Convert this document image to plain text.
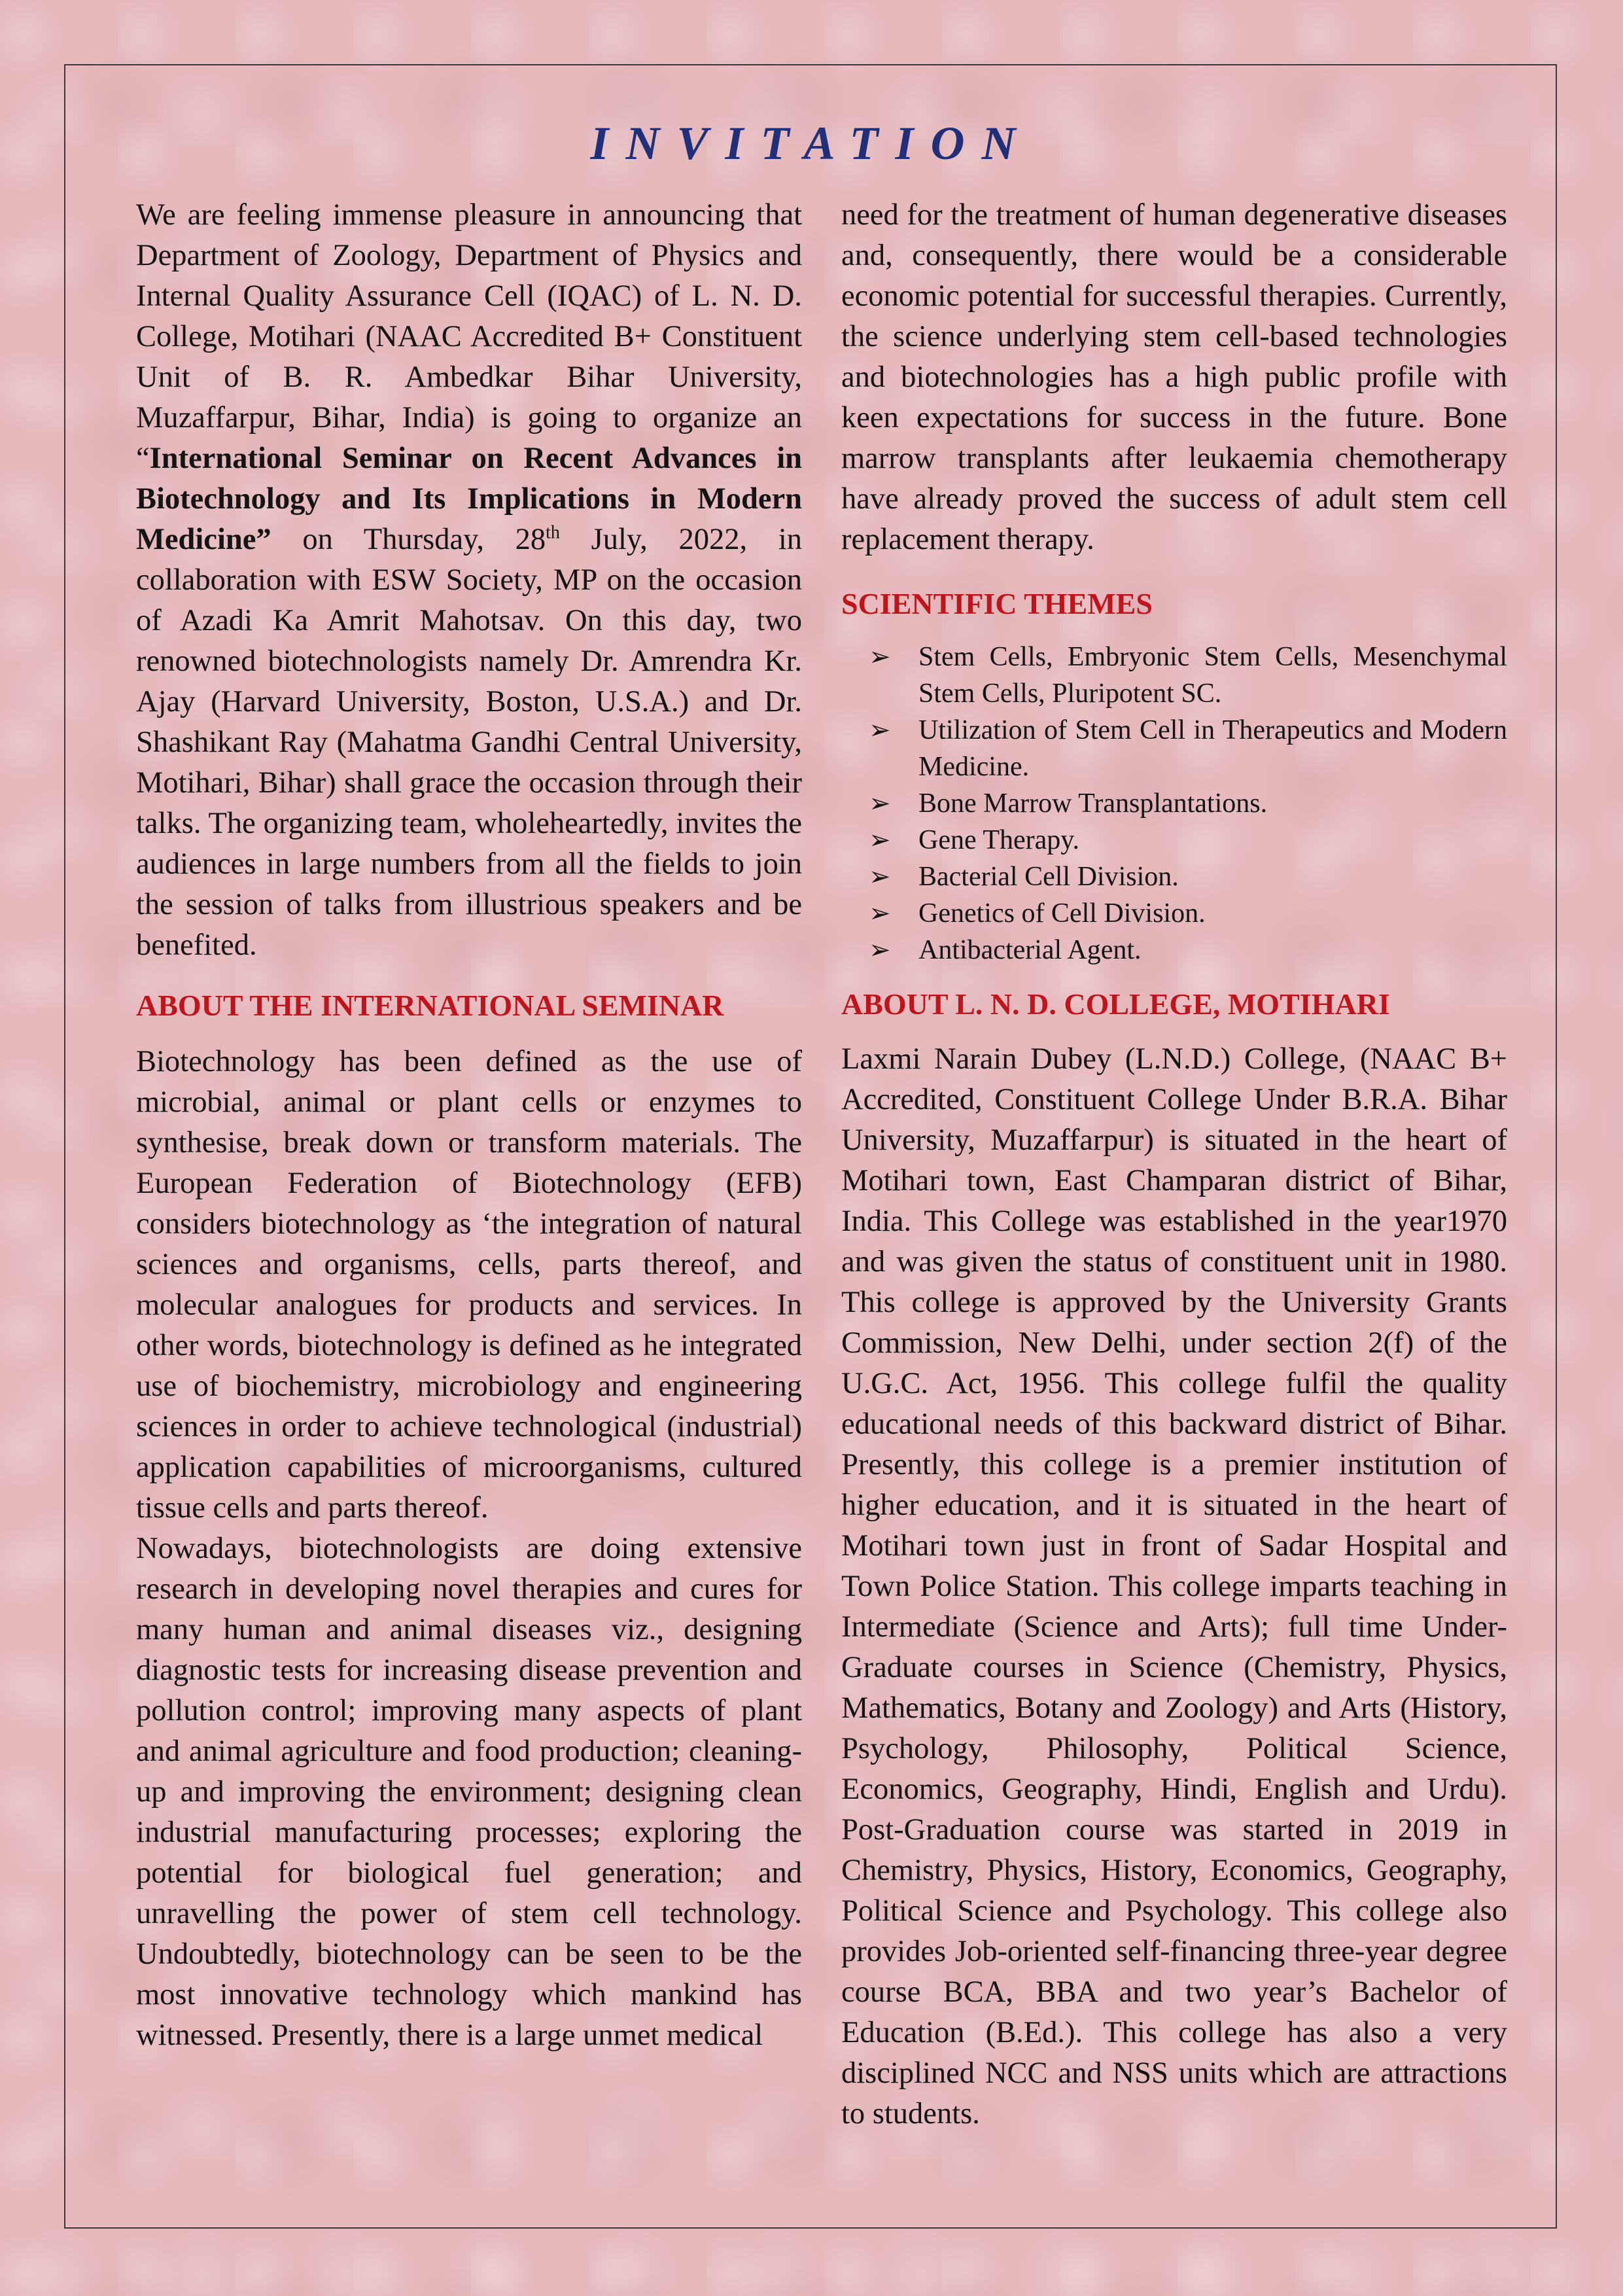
INVITATION

We are feeling immense pleasure in announcing that Department of Zoology, Department of Physics and Internal Quality Assurance Cell (IQAC) of L. N. D. College, Motihari (NAAC Accredited B+ Constituent Unit of B. R. Ambedkar Bihar University, Muzaffarpur, Bihar, India) is going to organize an “International Seminar on Recent Advances in Biotechnology and Its Implications in Modern Medicine” on Thursday, 28th July, 2022, in collaboration with ESW Society, MP on the occasion of Azadi Ka Amrit Mahotsav. On this day, two renowned biotechnologists namely Dr. Amrendra Kr. Ajay (Harvard University, Boston, U.S.A.) and Dr. Shashikant Ray (Mahatma Gandhi Central University, Motihari, Bihar) shall grace the occasion through their talks. The organizing team, wholeheartedly, invites the audiences in large numbers from all the fields to join the session of talks from illustrious speakers and be benefited.

ABOUT THE INTERNATIONAL SEMINAR

Biotechnology has been defined as the use of microbial, animal or plant cells or enzymes to synthesise, break down or transform materials. The European Federation of Biotechnology (EFB) considers biotechnology as ‘the integration of natural sciences and organisms, cells, parts thereof, and molecular analogues for products and services. In other words, biotechnology is defined as he integrated use of biochemistry, microbiology and engineering sciences in order to achieve technological (industrial) application capabilities of microorganisms, cultured tissue cells and parts thereof.

Nowadays, biotechnologists are doing extensive research in developing novel therapies and cures for many human and animal diseases viz., designing diagnostic tests for increasing disease prevention and pollution control; improving many aspects of plant and animal agriculture and food production; cleaning-up and improving the environment; designing clean industrial manufacturing processes; exploring the potential for biological fuel generation; and unravelling the power of stem cell technology. Undoubtedly, biotechnology can be seen to be the most innovative technology which mankind has witnessed. Presently, there is a large unmet medical

need for the treatment of human degenerative diseases and, consequently, there would be a considerable economic potential for successful therapies. Currently, the science underlying stem cell-based technologies and biotechnologies has a high public profile with keen expectations for success in the future. Bone marrow transplants after leukaemia chemotherapy have already proved the success of adult stem cell replacement therapy.

SCIENTIFIC THEMES
➢ Stem Cells, Embryonic Stem Cells, Mesenchymal Stem Cells, Pluripotent SC.
➢ Utilization of Stem Cell in Therapeutics and Modern Medicine.
➢ Bone Marrow Transplantations.
➢ Gene Therapy.
➢ Bacterial Cell Division.
➢ Genetics of Cell Division.
➢ Antibacterial Agent.
ABOUT L. N. D. COLLEGE, MOTIHARI

Laxmi Narain Dubey (L.N.D.) College, (NAAC B+ Accredited, Constituent College Under B.R.A. Bihar University, Muzaffarpur) is situated in the heart of Motihari town, East Champaran district of Bihar, India. This College was established in the year1970 and was given the status of constituent unit in 1980. This college is approved by the University Grants Commission, New Delhi, under section 2(f) of the U.G.C. Act, 1956. This college fulfil the quality educational needs of this backward district of Bihar. Presently, this college is a premier institution of higher education, and it is situated in the heart of Motihari town just in front of Sadar Hospital and Town Police Station. This college imparts teaching in Intermediate (Science and Arts); full time Under-Graduate courses in Science (Chemistry, Physics, Mathematics, Botany and Zoology) and Arts (History, Psychology, Philosophy, Political Science, Economics, Geography, Hindi, English and Urdu). Post-Graduation course was started in 2019 in Chemistry, Physics, History, Economics, Geography, Political Science and Psychology. This college also provides Job-oriented self-financing three-year degree course BCA, BBA and two year’s Bachelor of Education (B.Ed.). This college has also a very disciplined NCC and NSS units which are attractions to students.
